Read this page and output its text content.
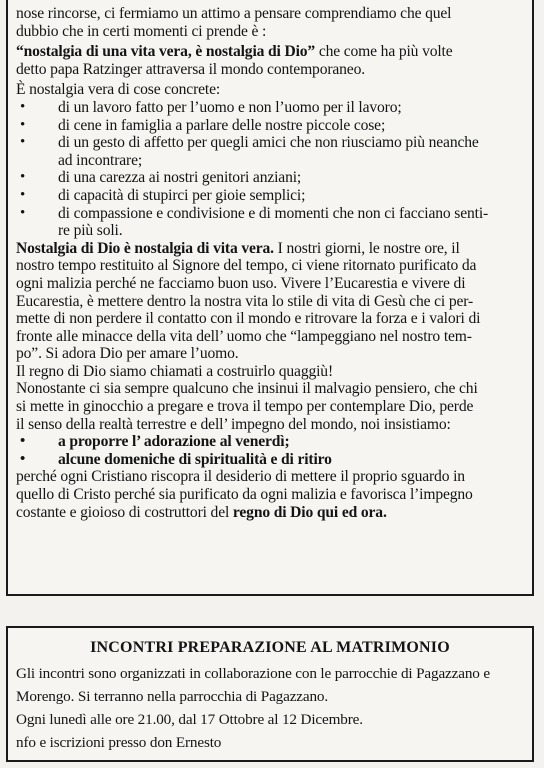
nose rincorse, ci fermiamo un attimo a pensare comprendiamo che quel
dubbio che in certi momenti ci prende è :
“nostalgia di una vita vera, è nostalgia di Dio” che come ha più volte
detto papa Ratzinger attraversa il mondo contemporaneo.
È nostalgia vera di cose concrete:
• di un lavoro fatto per l’uomo e non l’uomo per il lavoro;
• di cene in famiglia a parlare delle nostre piccole cose;
• di un gesto di affetto per quegli amici che non riusciamo più neanche
ad incontrare;
• di una carezza ai nostri genitori anziani;
• di capacità di stupirci per gioie semplici;
• di compassione e condivisione e di momenti che non ci facciano senti-
re più soli.
Nostalgia di Dio è nostalgia di vita vera. I nostri giorni, le nostre ore, il
nostro tempo restituito al Signore del tempo, ci viene ritornato purificato da
ogni malizia perché ne facciamo buon uso. Vivere l’Eucarestia e vivere di
Eucarestia, è mettere dentro la nostra vita lo stile di vita di Gesù che ci per-
mette di non perdere il contatto con il mondo e ritrovare la forza e i valori di
fronte alle minacce della vita dell’ uomo che “lampeggiano nel nostro tem-
po”. Si adora Dio per amare l’uomo.
Il regno di Dio siamo chiamati a costruirlo quaggiù!
Nonostante ci sia sempre qualcuno che insinui il malvagio pensiero, che chi
si mette in ginocchio a pregare e trova il tempo per contemplare Dio, perde
il senso della realtà terrestre e dell’ impegno del mondo, noi insistiamo:
• a proporre l’ adorazione al venerdì;
• alcune domeniche di spiritualità e di ritiro
perché ogni Cristiano riscopra il desiderio di mettere il proprio sguardo in
quello di Cristo perché sia purificato da ogni malizia e favorisca l’impegno
costante e gioioso di costruttori del regno di Dio qui ed ora.
INCONTRI PREPARAZIONE AL MATRIMONIO
Gli incontri sono organizzati in collaborazione con le parrocchie di Pagazzano e
Morengo. Si terranno nella parrocchia di Pagazzano.
Ogni lunedì alle ore 21.00, dal 17 Ottobre al 12 Dicembre.
nfo e iscrizioni presso don Ernesto
